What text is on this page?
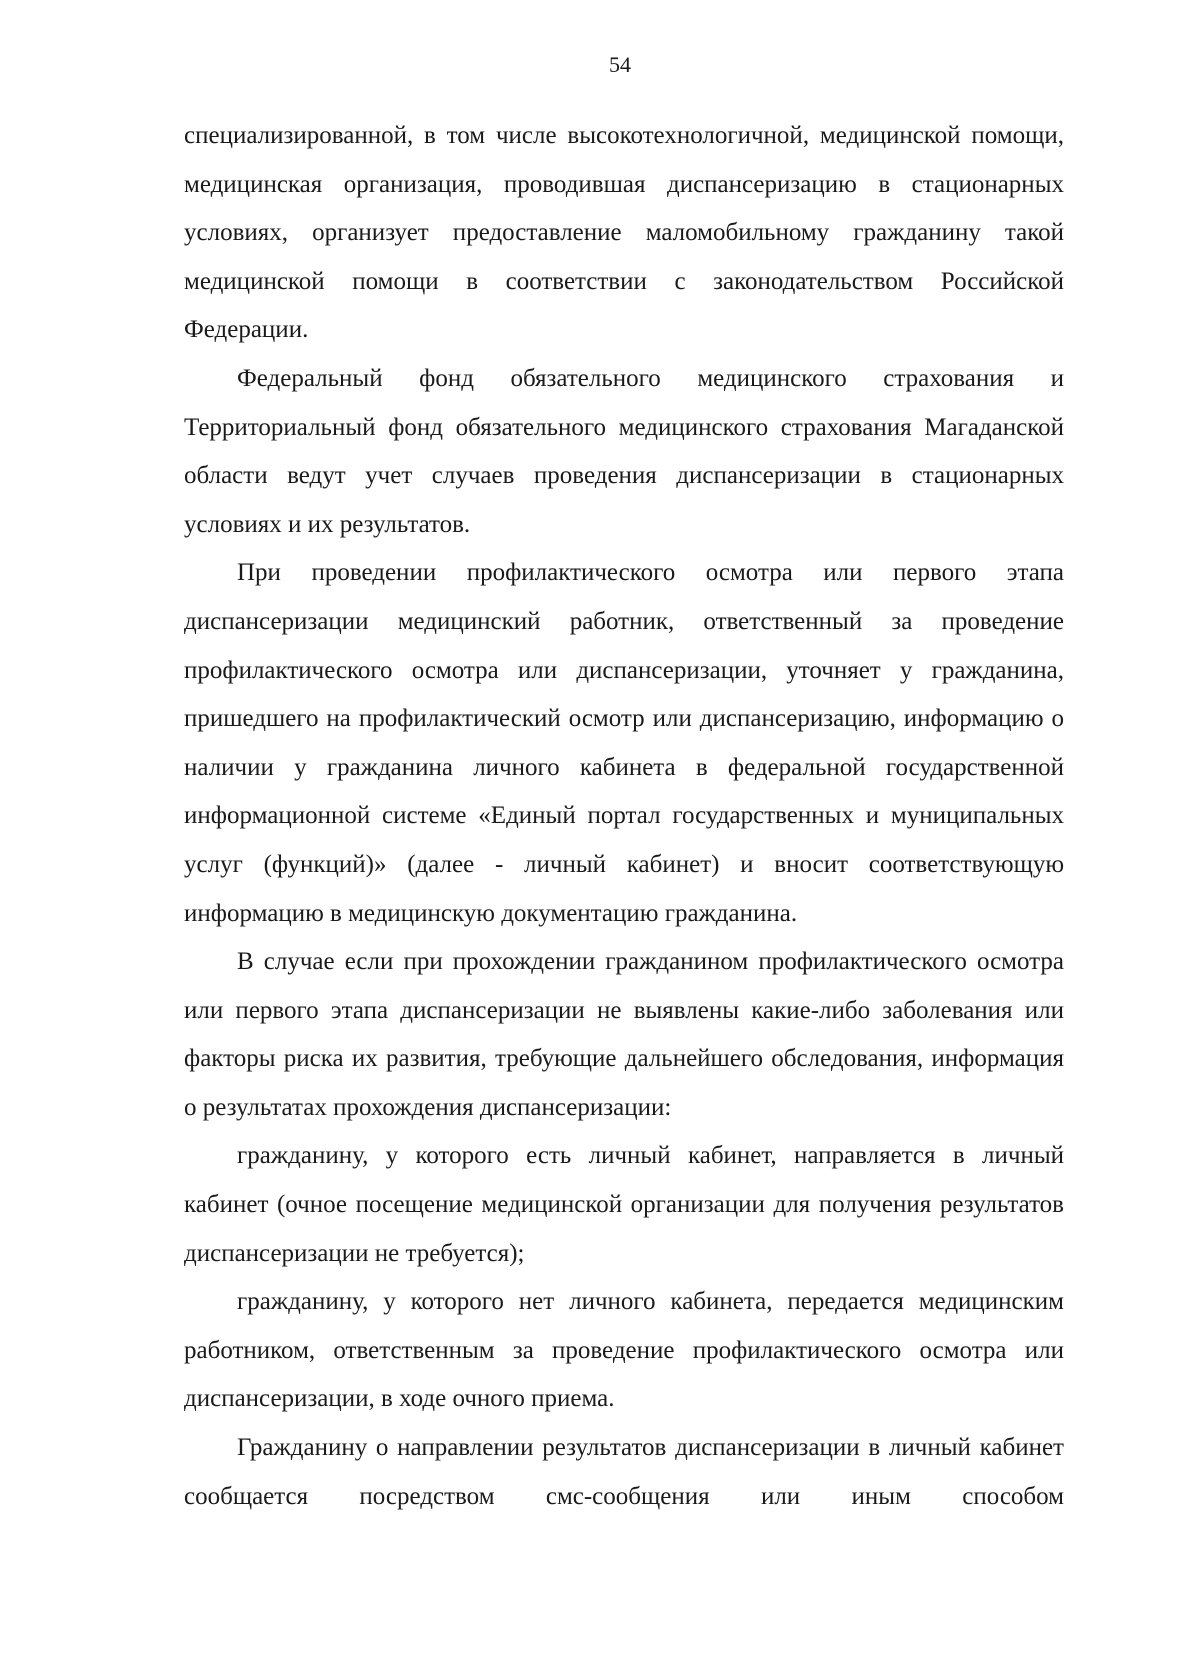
54

специализированной, в том числе высокотехнологичной, медицинской помощи, медицинская организация, проводившая диспансеризацию в стационарных условиях, организует предоставление маломобильному гражданину такой медицинской помощи в соответствии с законодательством Российской Федерации.

Федеральный фонд обязательного медицинского страхования и Территориальный фонд обязательного медицинского страхования Магаданской области ведут учет случаев проведения диспансеризации в стационарных условиях и их результатов.

При проведении профилактического осмотра или первого этапа диспансеризации медицинский работник, ответственный за проведение профилактического осмотра или диспансеризации, уточняет у гражданина, пришедшего на профилактический осмотр или диспансеризацию, информацию о наличии у гражданина личного кабинета в федеральной государственной информационной системе «Единый портал государственных и муниципальных услуг (функций)» (далее - личный кабинет) и вносит соответствующую информацию в медицинскую документацию гражданина.

В случае если при прохождении гражданином профилактического осмотра или первого этапа диспансеризации не выявлены какие-либо заболевания или факторы риска их развития, требующие дальнейшего обследования, информация о результатах прохождения диспансеризации:

гражданину, у которого есть личный кабинет, направляется в личный кабинет (очное посещение медицинской организации для получения результатов диспансеризации не требуется);

гражданину, у которого нет личного кабинета, передается медицинским работником, ответственным за проведение профилактического осмотра или диспансеризации, в ходе очного приема.

Гражданину о направлении результатов диспансеризации в личный кабинет сообщается посредством смс-сообщения или иным способом
